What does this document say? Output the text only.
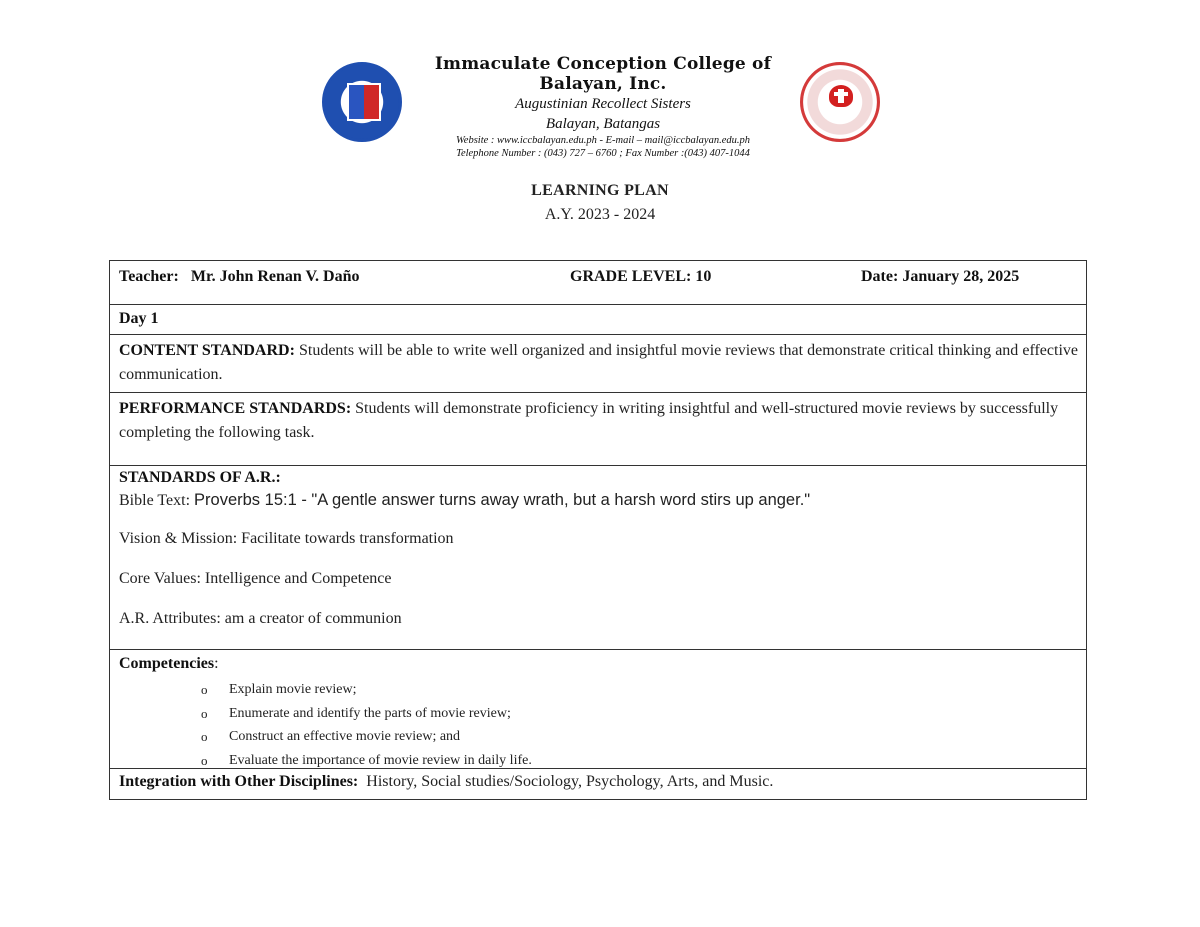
Immaculate Conception College of Balayan, Inc.
Augustinian Recollect Sisters
Balayan, Batangas
Website : www.iccbalayan.edu.ph - E-mail – mail@iccbalayan.edu.ph
Telephone Number : (043) 727 – 6760 ; Fax Number :(043) 407-1044
LEARNING PLAN
A.Y. 2023 - 2024
Teacher:   Mr. John Renan V. Daño	GRADE LEVEL: 10	Date: January 28, 2025
Day 1
CONTENT STANDARD: Students will be able to write well organized and insightful movie reviews that demonstrate critical thinking and effective communication.
PERFORMANCE STANDARDS: Students will demonstrate proficiency in writing insightful and well-structured movie reviews by successfully completing the following task.
STANDARDS OF A.R.:
Bible Text: Proverbs 15:1 - "A gentle answer turns away wrath, but a harsh word stirs up anger."
Vision & Mission: Facilitate towards transformation
Core Values: Intelligence and Competence
A.R. Attributes: am a creator of communion
Competencies:
o Explain movie review;
o Enumerate and identify the parts of movie review;
o Construct an effective movie review; and
o Evaluate the importance of movie review in daily life.
Integration with Other Disciplines: History, Social studies/Sociology, Psychology, Arts, and Music.
